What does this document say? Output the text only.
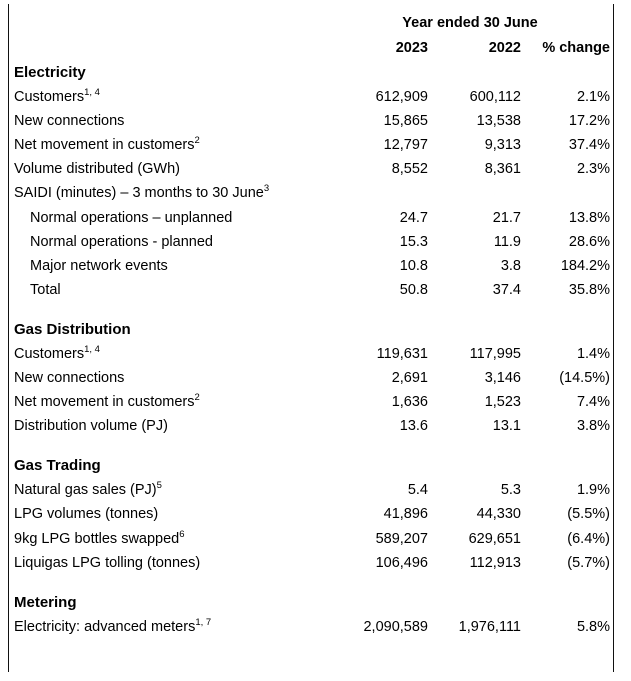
	Year ended 30 June		
	2023	2022	% change
Electricity			
Customers$^{1, 4}$	612,909	600,112	2.1%
New connections	15,865	13,538	17.2%
Net movement in customers$^2$	12,797	9,313	37.4%
Volume distributed (GWh)	8,552	8,361	2.3%
SAIDI (minutes) – 3 months to 30 June$^3$			
Normal operations – unplanned	24.7	21.7	13.8%
Normal operations - planned	15.3	11.9	28.6%
Major network events	10.8	3.8	184.2%
Total	50.8	37.4	35.8%

Gas Distribution			
Customers$^{1, 4}$	119,631	117,995	1.4%
New connections	2,691	3,146	(14.5%)
Net movement in customers$^2$	1,636	1,523	7.4%
Distribution volume (PJ)	13.6	13.1	3.8%

Gas Trading			
Natural gas sales (PJ)$^5$	5.4	5.3	1.9%
LPG volumes (tonnes)	41,896	44,330	(5.5%)
9kg LPG bottles swapped$^6$	589,207	629,651	(6.4%)
Liquigas LPG tolling (tonnes)	106,496	112,913	(5.7%)

Metering			
Electricity: advanced meters$^{1, 7}$	2,090,589	1,976,111	5.8%
